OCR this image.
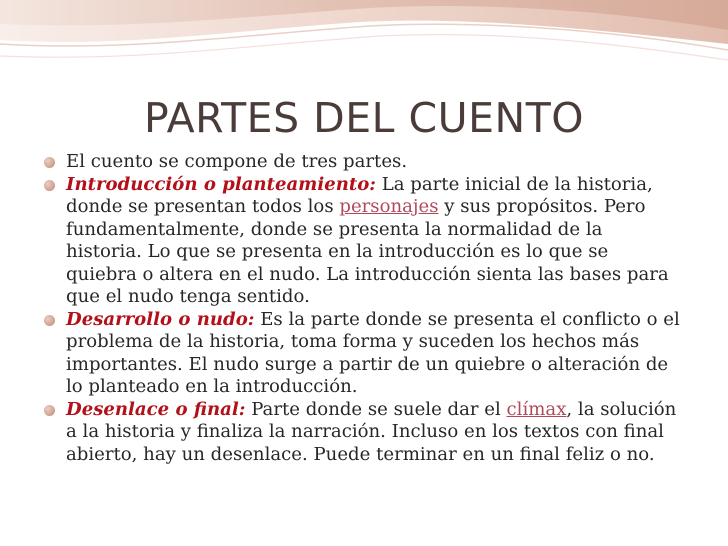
PARTES DEL CUENTO
El cuento se compone de tres partes.
Introducción o planteamiento: La parte inicial de la historia, donde se presentan todos los personajes y sus propósitos. Pero fundamentalmente, donde se presenta la normalidad de la historia. Lo que se presenta en la introducción es lo que se quiebra o altera en el nudo. La introducción sienta las bases para que el nudo tenga sentido.
Desarrollo o nudo: Es la parte donde se presenta el conflicto o el problema de la historia, toma forma y suceden los hechos más importantes. El nudo surge a partir de un quiebre o alteración de lo planteado en la introducción.
Desenlace o final: Parte donde se suele dar el clímax, la solución a la historia y finaliza la narración. Incluso en los textos con final abierto, hay un desenlace. Puede terminar en un final feliz o no.
